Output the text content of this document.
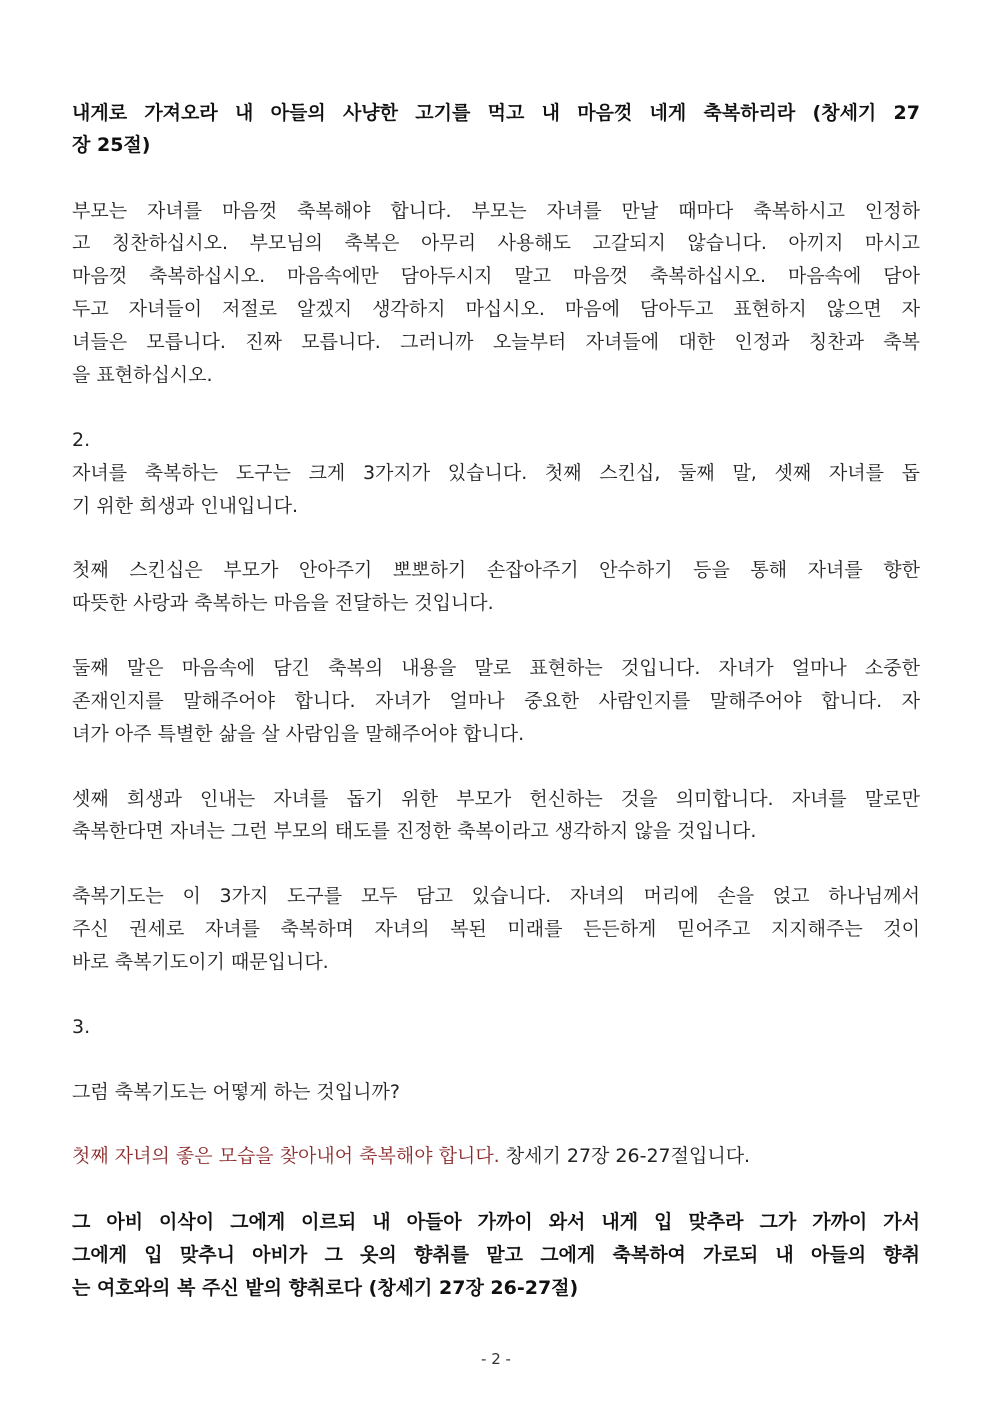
내게로 가져오라 내 아들의 사냥한 고기를 먹고 내 마음껏 네게 축복하리라 (창세기 27
장 25절)
부모는 자녀를 마음껏 축복해야 합니다. 부모는 자녀를 만날 때마다 축복하시고 인정하
고 칭찬하십시오. 부모님의 축복은 아무리 사용해도 고갈되지 않습니다. 아끼지 마시고
마음껏 축복하십시오. 마음속에만 담아두시지 말고 마음껏 축복하십시오. 마음속에 담아
두고 자녀들이 저절로 알겠지 생각하지 마십시오. 마음에 담아두고 표현하지 않으면 자
녀들은 모릅니다. 진짜 모릅니다. 그러니까 오늘부터 자녀들에 대한 인정과 칭찬과 축복
을 표현하십시오.
2.
자녀를 축복하는 도구는 크게 3가지가 있습니다. 첫째 스킨십, 둘째 말, 셋째 자녀를 돕
기 위한 희생과 인내입니다.
첫째 스킨십은 부모가 안아주기 뽀뽀하기 손잡아주기 안수하기 등을 통해 자녀를 향한
따뜻한 사랑과 축복하는 마음을 전달하는 것입니다.
둘째 말은 마음속에 담긴 축복의 내용을 말로 표현하는 것입니다. 자녀가 얼마나 소중한
존재인지를 말해주어야 합니다. 자녀가 얼마나 중요한 사람인지를 말해주어야 합니다. 자
녀가 아주 특별한 삶을 살 사람임을 말해주어야 합니다.
셋째 희생과 인내는 자녀를 돕기 위한 부모가 헌신하는 것을 의미합니다. 자녀를 말로만
축복한다면 자녀는 그런 부모의 태도를 진정한 축복이라고 생각하지 않을 것입니다.
축복기도는 이 3가지 도구를 모두 담고 있습니다. 자녀의 머리에 손을 얹고 하나님께서
주신 권세로 자녀를 축복하며 자녀의 복된 미래를 든든하게 믿어주고 지지해주는 것이
바로 축복기도이기 때문입니다.
3.
그럼 축복기도는 어떻게 하는 것입니까?
첫째 자녀의 좋은 모습을 찾아내어 축복해야 합니다. 창세기 27장 26-27절입니다.
그 아비 이삭이 그에게 이르되 내 아들아 가까이 와서 내게 입 맞추라 그가 가까이 가서
그에게 입 맞추니 아비가 그 옷의 향취를 맡고 그에게 축복하여 가로되 내 아들의 향취
는 여호와의 복 주신 밭의 향취로다 (창세기 27장 26-27절)
- 2 -
